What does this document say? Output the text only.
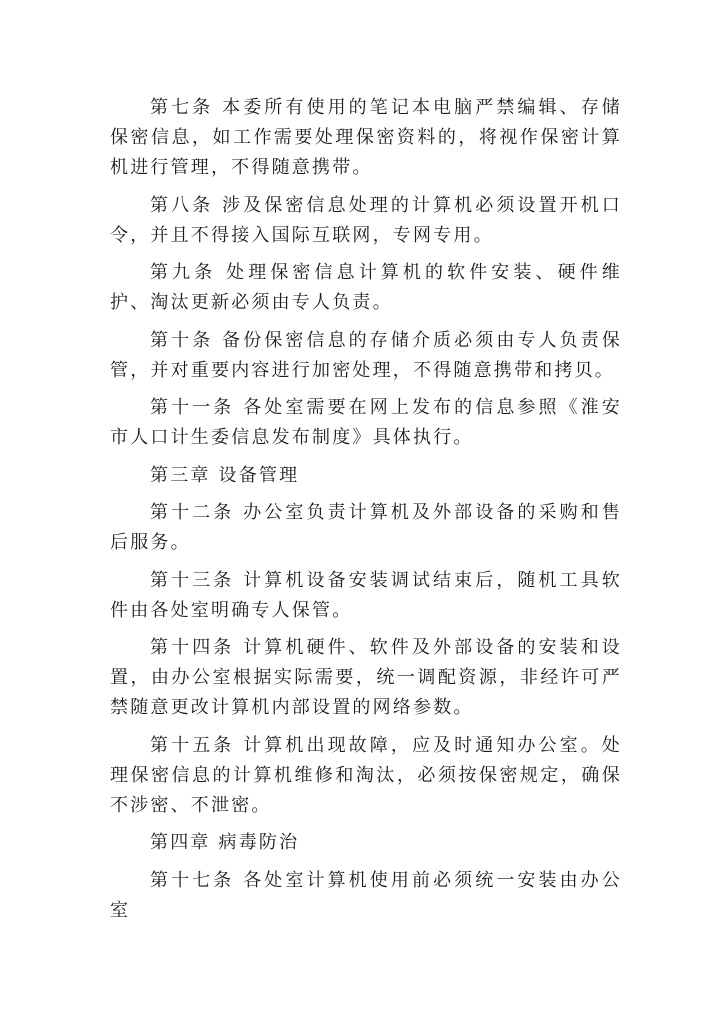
第七条 本委所有使用的笔记本电脑严禁编辑、存储保密信息，如工作需要处理保密资料的，将视作保密计算机进行管理，不得随意携带。

第八条 涉及保密信息处理的计算机必须设置开机口令，并且不得接入国际互联网，专网专用。

第九条 处理保密信息计算机的软件安装、硬件维护、淘汰更新必须由专人负责。

第十条 备份保密信息的存储介质必须由专人负责保管，并对重要内容进行加密处理，不得随意携带和拷贝。

第十一条 各处室需要在网上发布的信息参照《淮安市人口计生委信息发布制度》具体执行。

第三章 设备管理

第十二条 办公室负责计算机及外部设备的采购和售后服务。

第十三条 计算机设备安装调试结束后，随机工具软件由各处室明确专人保管。

第十四条 计算机硬件、软件及外部设备的安装和设置，由办公室根据实际需要，统一调配资源，非经许可严禁随意更改计算机内部设置的网络参数。

第十五条 计算机出现故障，应及时通知办公室。处理保密信息的计算机维修和淘汰，必须按保密规定，确保不涉密、不泄密。

第四章 病毒防治

第十七条 各处室计算机使用前必须统一安装由办公室
